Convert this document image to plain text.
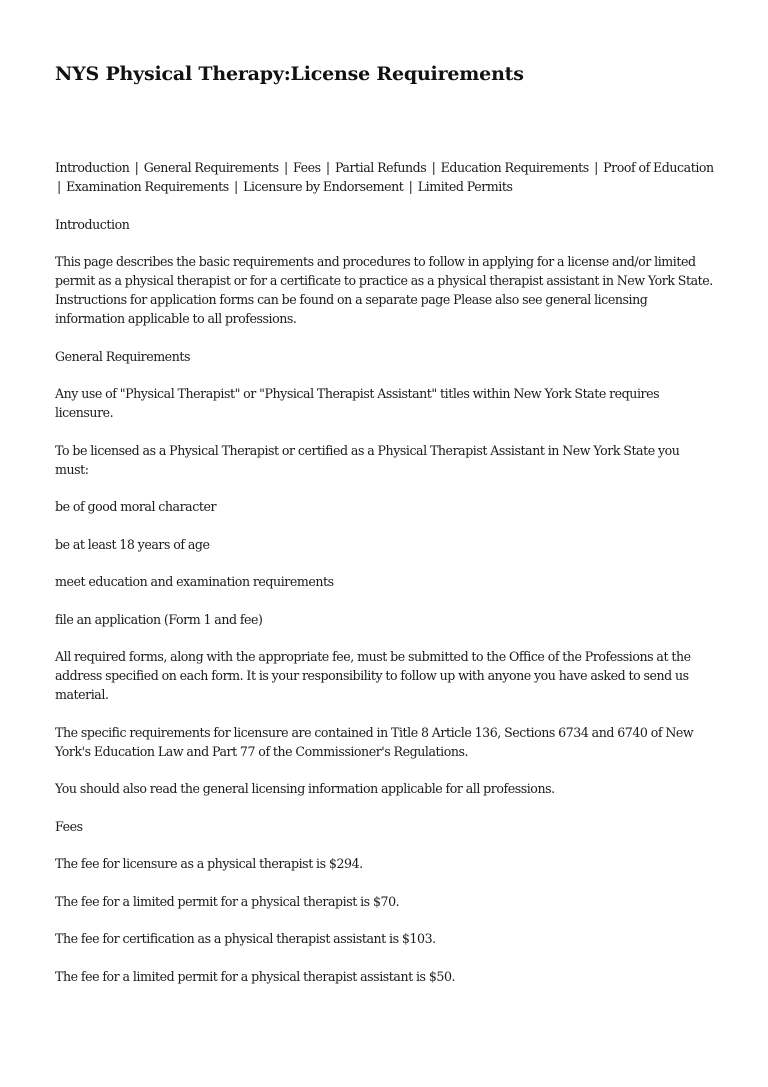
NYS Physical Therapy:License Requirements

Introduction | General Requirements | Fees | Partial Refunds | Education Requirements | Proof of Education | Examination Requirements | Licensure by Endorsement | Limited Permits

Introduction

This page describes the basic requirements and procedures to follow in applying for a license and/or limited permit as a physical therapist or for a certificate to practice as a physical therapist assistant in New York State. Instructions for application forms can be found on a separate page Please also see general licensing information applicable to all professions.

General Requirements

Any use of "Physical Therapist" or "Physical Therapist Assistant" titles within New York State requires licensure.

To be licensed as a Physical Therapist or certified as a Physical Therapist Assistant in New York State you must:

be of good moral character

be at least 18 years of age

meet education and examination requirements

file an application (Form 1 and fee)

All required forms, along with the appropriate fee, must be submitted to the Office of the Professions at the address specified on each form. It is your responsibility to follow up with anyone you have asked to send us material.

The specific requirements for licensure are contained in Title 8 Article 136, Sections 6734 and 6740 of New York's Education Law and Part 77 of the Commissioner's Regulations.

You should also read the general licensing information applicable for all professions.

Fees

The fee for licensure as a physical therapist is $294.

The fee for a limited permit for a physical therapist is $70.

The fee for certification as a physical therapist assistant is $103.

The fee for a limited permit for a physical therapist assistant is $50.
